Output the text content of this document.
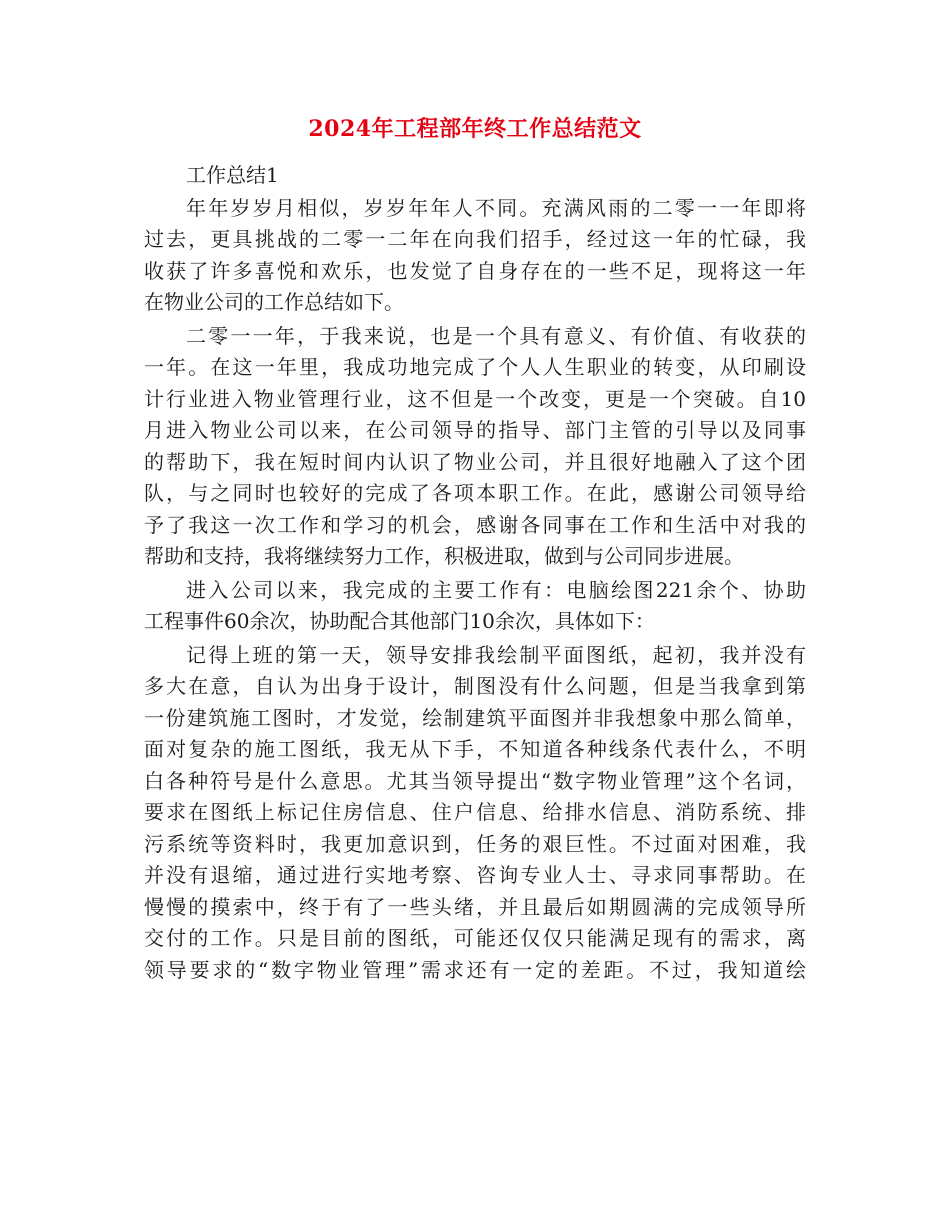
2024年工程部年终工作总结范文
工作总结1
年年岁岁月相似，岁岁年年人不同。充满风雨的二零一一年即将
过去，更具挑战的二零一二年在向我们招手，经过这一年的忙碌，我
收获了许多喜悦和欢乐，也发觉了自身存在的一些不足，现将这一年
在物业公司的工作总结如下。
二零一一年，于我来说，也是一个具有意义、有价值、有收获的
一年。在这一年里，我成功地完成了个人人生职业的转变，从印刷设
计行业进入物业管理行业，这不但是一个改变，更是一个突破。自10
月进入物业公司以来，在公司领导的指导、部门主管的引导以及同事
的帮助下，我在短时间内认识了物业公司，并且很好地融入了这个团
队，与之同时也较好的完成了各项本职工作。在此，感谢公司领导给
予了我这一次工作和学习的机会，感谢各同事在工作和生活中对我的
帮助和支持，我将继续努力工作，积极进取，做到与公司同步进展。
进入公司以来，我完成的主要工作有：电脑绘图221余个、协助
工程事件60余次，协助配合其他部门10余次，具体如下：
记得上班的第一天，领导安排我绘制平面图纸，起初，我并没有
多大在意，自认为出身于设计，制图没有什么问题，但是当我拿到第
一份建筑施工图时，才发觉，绘制建筑平面图并非我想象中那么简单，
面对复杂的施工图纸，我无从下手，不知道各种线条代表什么，不明
白各种符号是什么意思。尤其当领导提出“数字物业管理”这个名词，
要求在图纸上标记住房信息、住户信息、给排水信息、消防系统、排
污系统等资料时，我更加意识到，任务的艰巨性。不过面对困难，我
并没有退缩，通过进行实地考察、咨询专业人士、寻求同事帮助。在
慢慢的摸索中，终于有了一些头绪，并且最后如期圆满的完成领导所
交付的工作。只是目前的图纸，可能还仅仅只能满足现有的需求，离
领导要求的“数字物业管理”需求还有一定的差距。不过，我知道绘
